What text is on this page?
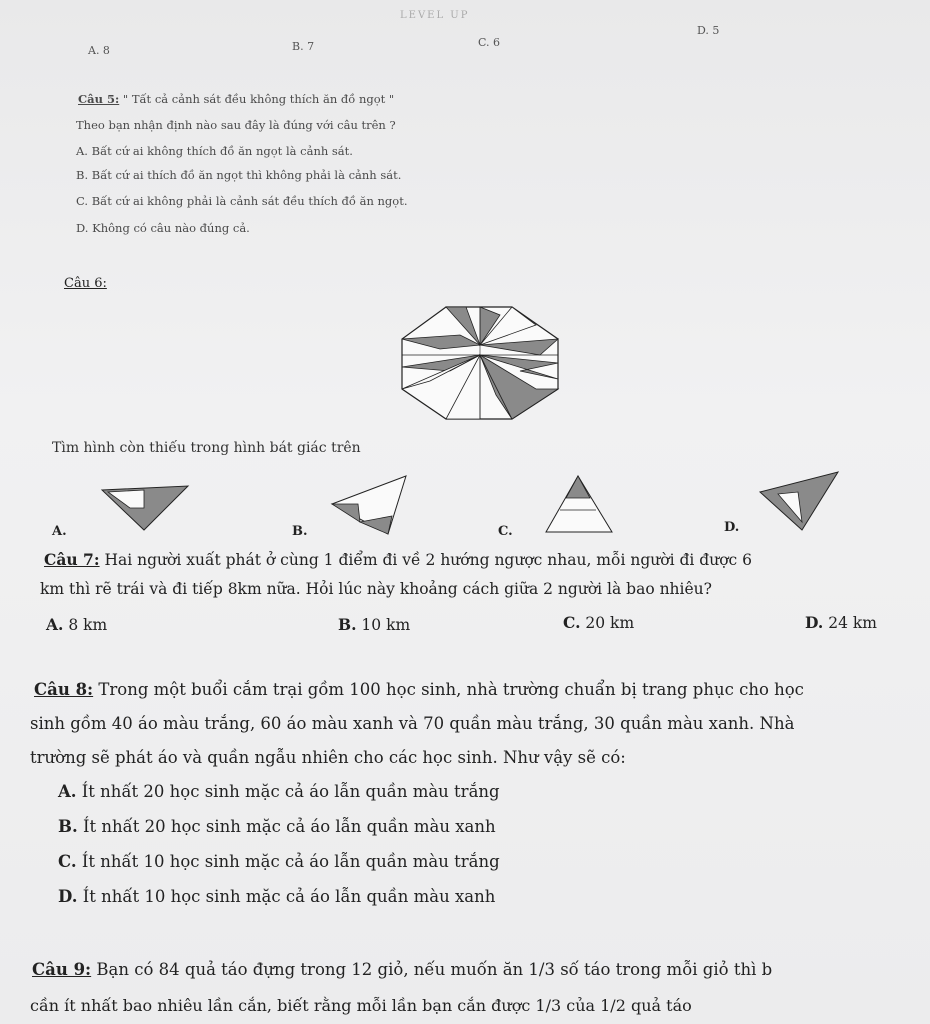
LEVEL UP
A. 8	B. 7	C. 6
D. 5
Câu 5: " Tất cả cảnh sát đều không thích ăn đồ ngọt "
Theo bạn nhận định nào sau đây là đúng với câu trên ?
A. Bất cứ ai không thích đồ ăn ngọt là cảnh sát.
B. Bất cứ ai thích đồ ăn ngọt thì không phải là cảnh sát.
C. Bất cứ ai không phải là cảnh sát đều thích đồ ăn ngọt.
D. Không có câu nào đúng cả.
Câu 6:
Tìm hình còn thiếu trong hình bát giác trên
A.	B.	C.	D.
Câu 7: Hai người xuất phát ở cùng 1 điểm đi về 2 hướng ngược nhau, mỗi người đi được 6
km thì rẽ trái và đi tiếp 8km nữa. Hỏi lúc này khoảng cách giữa 2 người là bao nhiêu?
A. 8 km	B. 10 km	C. 20 km	D. 24 km
Câu 8: Trong một buổi cắm trại gồm 100 học sinh, nhà trường chuẩn bị trang phục cho học
sinh gồm 40 áo màu trắng, 60 áo màu xanh và 70 quần màu trắng, 30 quần màu xanh. Nhà
trường sẽ phát áo và quần ngẫu nhiên cho các học sinh. Như vậy sẽ có:
A. Ít nhất 20 học sinh mặc cả áo lẫn quần màu trắng
B. Ít nhất 20 học sinh mặc cả áo lẫn quần màu xanh
C. Ít nhất 10 học sinh mặc cả áo lẫn quần màu trắng
D. Ít nhất 10 học sinh mặc cả áo lẫn quần màu xanh
Câu 9: Bạn có 84 quả táo đựng trong 12 giỏ, nếu muốn ăn 1/3 số táo trong mỗi giỏ thì b
cần ít nhất bao nhiêu lần cắn, biết rằng mỗi lần bạn cắn được 1/3 của 1/2 quả táo
